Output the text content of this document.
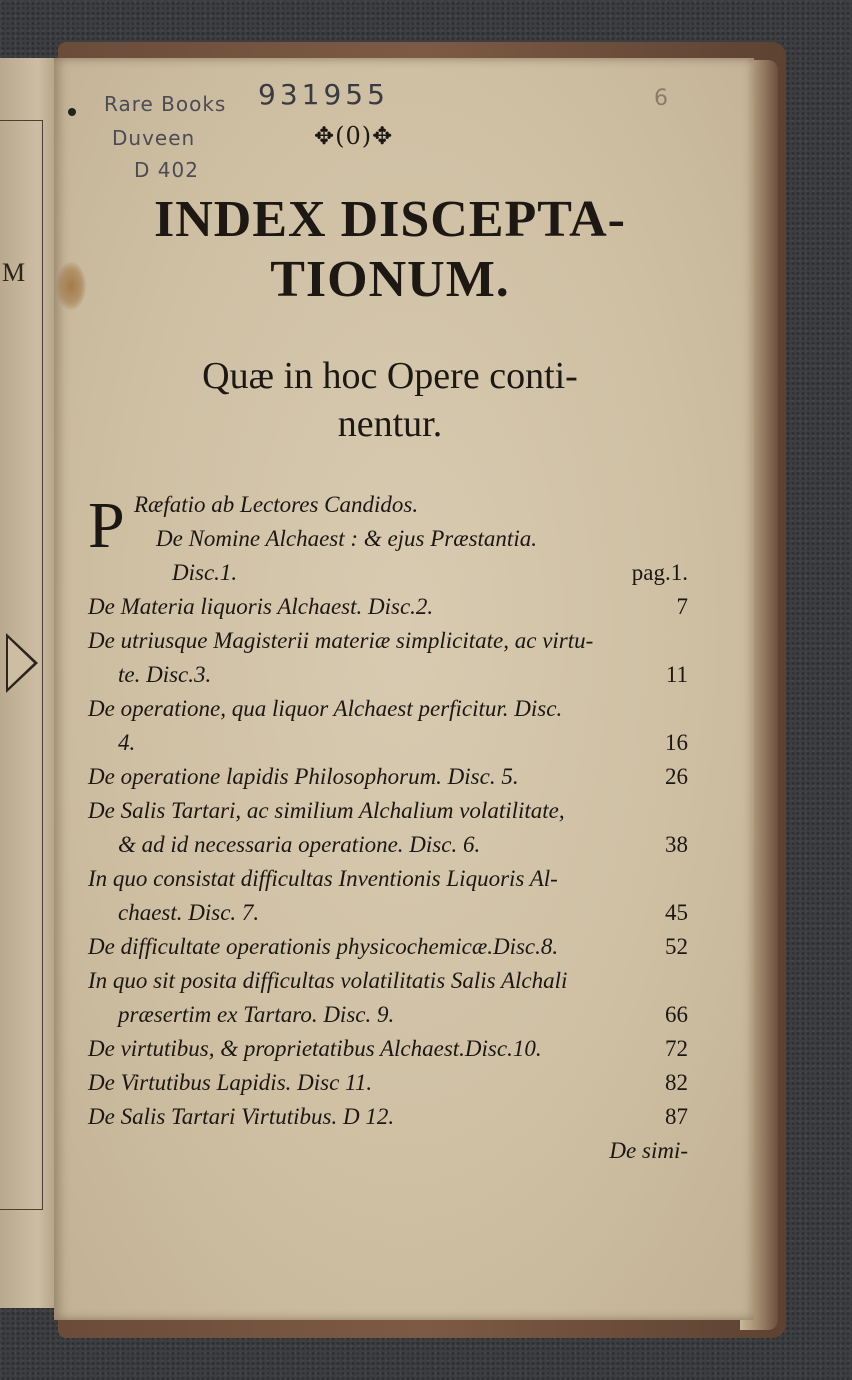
M
Rare Books
Duveen
D 402
931955	6
✥(0)✥
INDEX DISCEPTA-
TIONUM.
Quæ in hoc Opere conti-
nentur.
P Ræfatio ab Lectores Candidos.
De Nomine Alchaest : & ejus Præstantia.
Disc.1.	pag.1.
De Materia liquoris Alchaest. Disc.2.	7
De utriusque Magisterii materiæ simplicitate, ac virtu-
te. Disc.3.	11
De operatione, qua liquor Alchaest perficitur. Disc.
4.	16
De operatione lapidis Philosophorum. Disc. 5.	26
De Salis Tartari, ac similium Alchalium volatilitate,
& ad id necessaria operatione. Disc. 6.	38
In quo consistat difficultas Inventionis Liquoris Al-
chaest. Disc. 7.	45
De difficultate operationis physicochemicæ.Disc.8.	52
In quo sit posita difficultas volatilitatis Salis Alchali
præsertim ex Tartaro. Disc. 9.	66
De virtutibus, & proprietatibus Alchaest.Disc.10.	72
De Virtutibus Lapidis. Disc 11.	82
De Salis Tartari Virtutibus. D 12.	87
De simi-
